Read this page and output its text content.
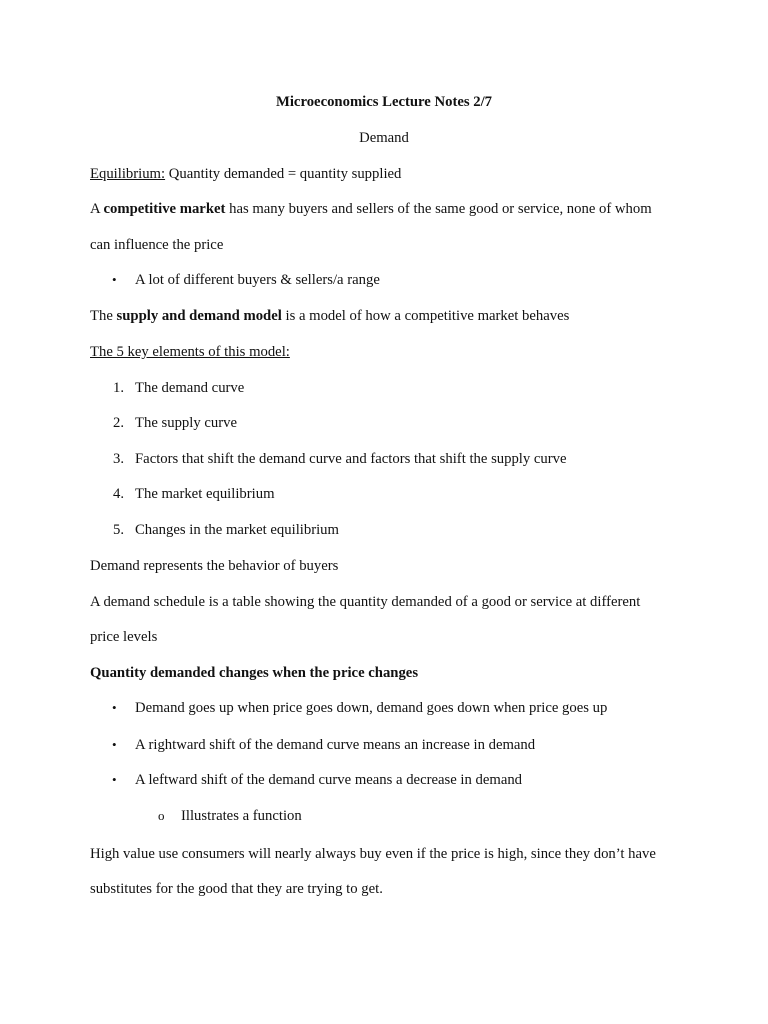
Microeconomics Lecture Notes 2/7
Demand
Equilibrium: Quantity demanded = quantity supplied
A competitive market has many buyers and sellers of the same good or service, none of whom
can influence the price
• A lot of different buyers & sellers/a range
The supply and demand model is a model of how a competitive market behaves
The 5 key elements of this model:
1. The demand curve
2. The supply curve
3. Factors that shift the demand curve and factors that shift the supply curve
4. The market equilibrium
5. Changes in the market equilibrium
Demand represents the behavior of buyers
A demand schedule is a table showing the quantity demanded of a good or service at different
price levels
Quantity demanded changes when the price changes
• Demand goes up when price goes down, demand goes down when price goes up
• A rightward shift of the demand curve means an increase in demand
• A leftward shift of the demand curve means a decrease in demand
o Illustrates a function
High value use consumers will nearly always buy even if the price is high, since they don’t have
substitutes for the good that they are trying to get.
